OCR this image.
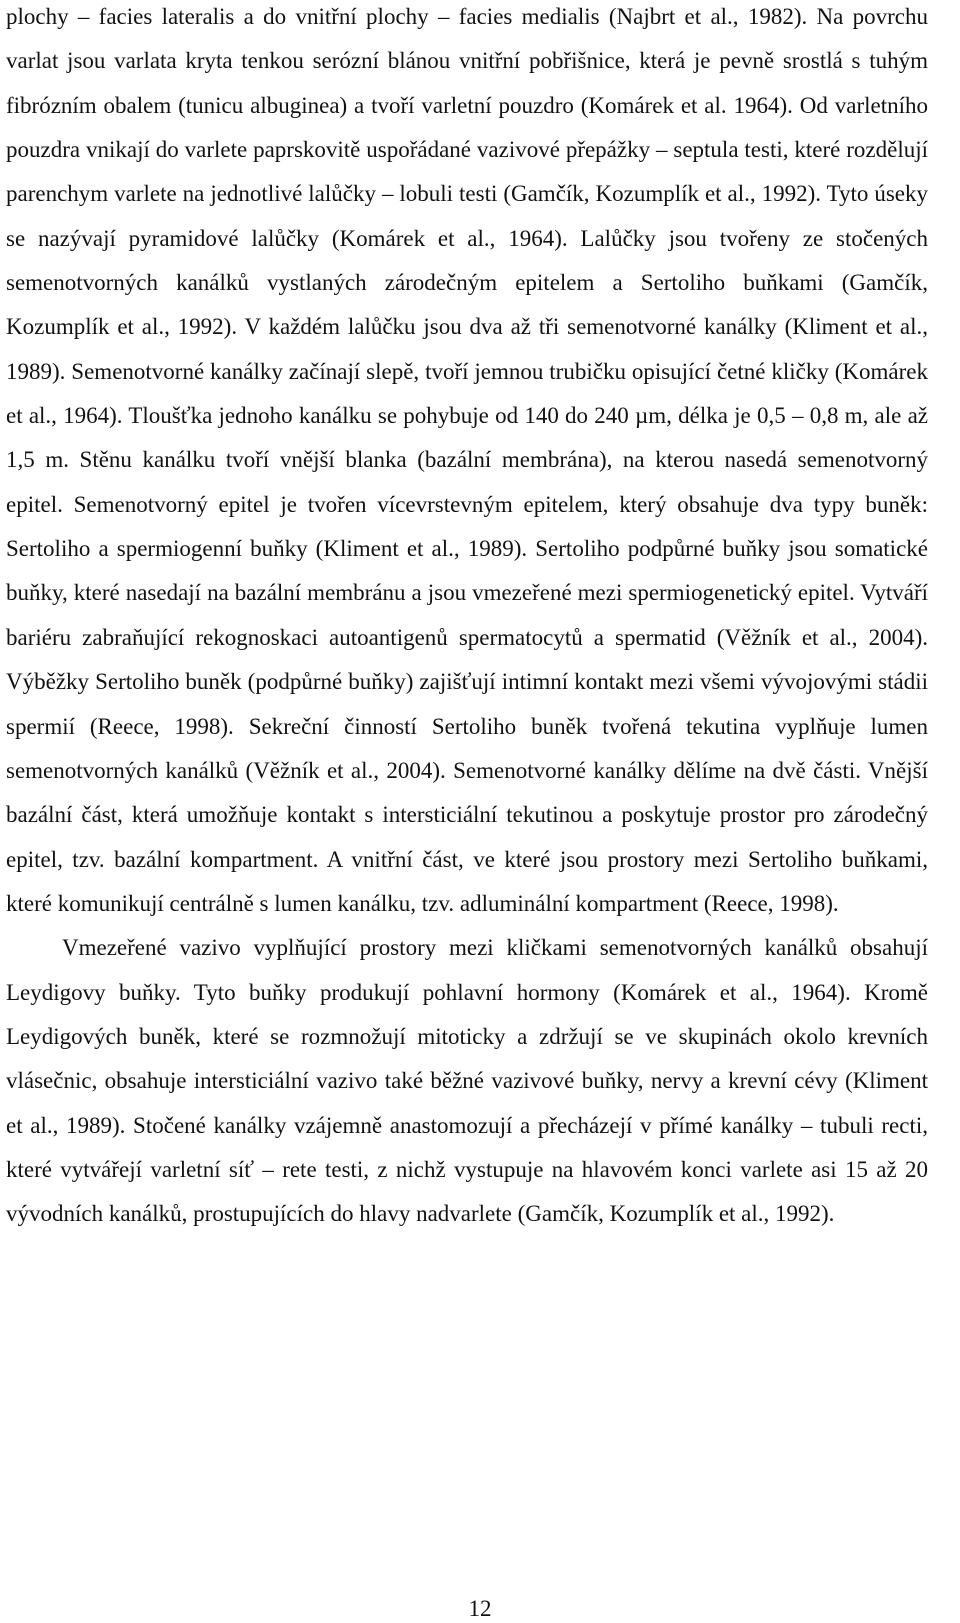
plochy – facies lateralis a do vnitřní plochy – facies medialis (Najbrt et al., 1982). Na povrchu varlat jsou varlata kryta tenkou serózní blánou vnitřní pobřišnice, která je pevně srostlá s tuhým fibrózním obalem (tunicu albuginea) a tvoří varletní pouzdro (Komárek et al. 1964). Od varletního pouzdra vnikají do varlete paprskovitě uspořádané vazivové přepážky – septula testi, které rozdělují parenchym varlete na jednotlivé lalůčky – lobuli testi (Gamčík, Kozumplík et al., 1992). Tyto úseky se nazývají pyramidové lalůčky (Komárek et al., 1964). Lalůčky jsou tvořeny ze stočených semenotvorných kanálků vystlaných zárodečným epitelem a Sertoliho buňkami (Gamčík, Kozumplík et al., 1992). V každém lalůčku jsou dva až tři semenotvorné kanálky (Kliment et al., 1989). Semenotvorné kanálky začínají slepě, tvoří jemnou trubičku opisující četné kličky (Komárek et al., 1964). Tloušťka jednoho kanálku se pohybuje od 140 do 240 µm, délka je 0,5 – 0,8 m, ale až 1,5 m. Stěnu kanálku tvoří vnější blanka (bazální membrána), na kterou nasedá semenotvorný epitel. Semenotvorný epitel je tvořen vícevrstevným epitelem, který obsahuje dva typy buněk: Sertoliho a spermiogenní buňky (Kliment et al., 1989). Sertoliho podpůrné buňky jsou somatické buňky, které nasedají na bazální membránu a jsou vmezeřené mezi spermiogenetický epitel. Vytváří bariéru zabraňující rekognoskaci autoantigenů spermatocytů a spermatid (Věžník et al., 2004). Výběžky Sertoliho buněk (podpůrné buňky) zajišťují intimní kontakt mezi všemi vývojovými stádii spermií (Reece, 1998). Sekreční činností Sertoliho buněk tvořená tekutina vyplňuje lumen semenotvorných kanálků (Věžník et al., 2004). Semenotvorné kanálky dělíme na dvě části. Vnější bazální část, která umožňuje kontakt s intersticiální tekutinou a poskytuje prostor pro zárodečný epitel, tzv. bazální kompartment. A vnitřní část, ve které jsou prostory mezi Sertoliho buňkami, které komunikují centrálně s lumen kanálku, tzv. adluminální kompartment (Reece, 1998).

Vmezeřené vazivo vyplňující prostory mezi kličkami semenotvorných kanálků obsahují Leydigovy buňky. Tyto buňky produkují pohlavní hormony (Komárek et al., 1964). Kromě Leydigových buněk, které se rozmnožují mitoticky a zdržují se ve skupinách okolo krevních vlásečnic, obsahuje intersticiální vazivo také běžné vazivové buňky, nervy a krevní cévy (Kliment et al., 1989). Stočené kanálky vzájemně anastomozují a přecházejí v přímé kanálky – tubuli recti, které vytvářejí varletní síť – rete testi, z nichž vystupuje na hlavovém konci varlete asi 15 až 20 vývodních kanálků, prostupujících do hlavy nadvarlete (Gamčík, Kozumplík et al., 1992).

12
